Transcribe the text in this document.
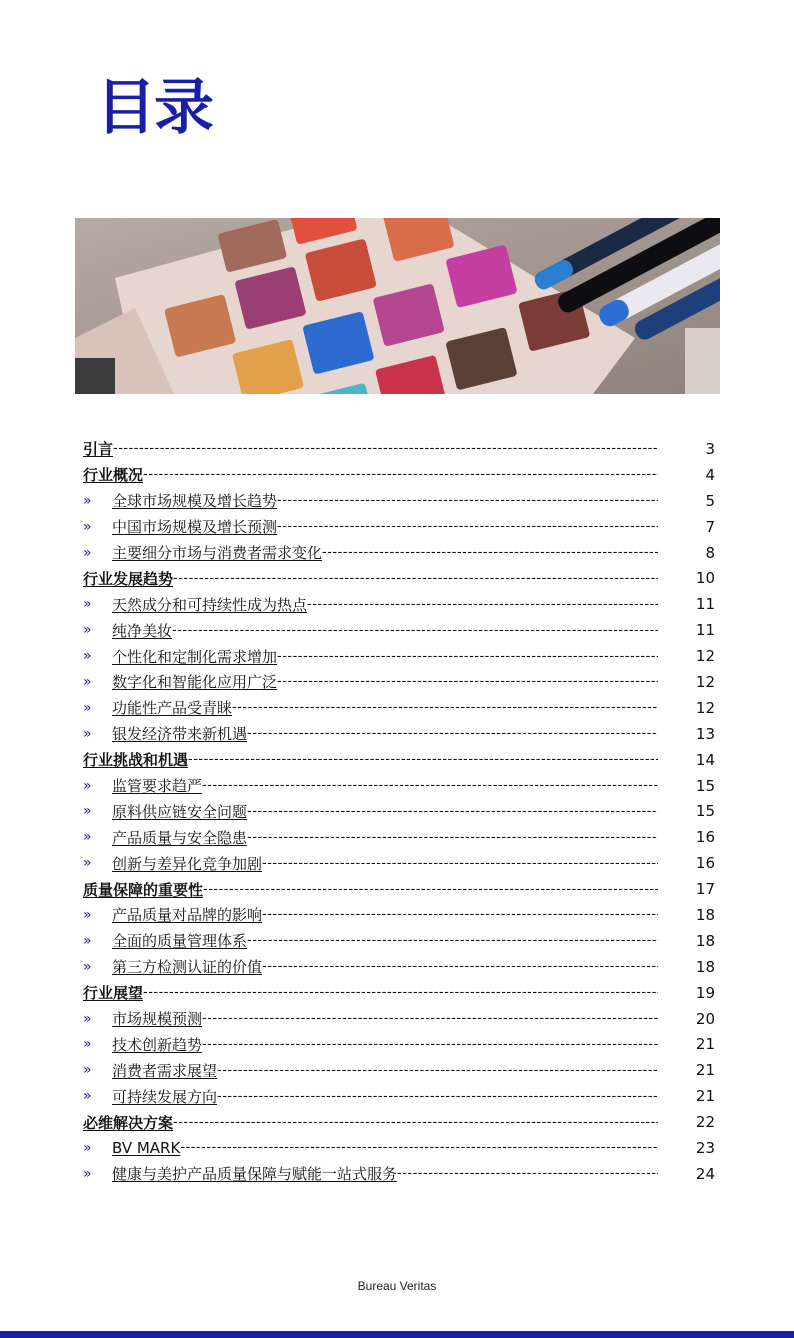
目录
引言 -----	3
行业概况 -----	4
»	全球市场规模及增长趋势 -----	5
»	中国市场规模及增长预测 -----	7
»	主要细分市场与消费者需求变化 -----	8
行业发展趋势 -----	10
»	天然成分和可持续性成为热点 -----	11
»	纯净美妆 -----	11
»	个性化和定制化需求增加 -----	12
»	数字化和智能化应用广泛 -----	12
»	功能性产品受青睐 -----	12
»	银发经济带来新机遇 -----	13
行业挑战和机遇 -----	14
»	监管要求趋严 -----	15
»	原料供应链安全问题 -----	15
»	产品质量与安全隐患 -----	16
»	创新与差异化竞争加剧 -----	16
质量保障的重要性 -----	17
»	产品质量对品牌的影响 -----	18
»	全面的质量管理体系 -----	18
»	第三方检测认证的价值 -----	18
行业展望 -----	19
»	市场规模预测 -----	20
»	技术创新趋势 -----	21
»	消费者需求展望 -----	21
»	可持续发展方向 -----	21
必维解决方案 -----	22
»	BV MARK -----	23
»	健康与美护产品质量保障与赋能一站式服务 -----	24
Bureau Veritas
